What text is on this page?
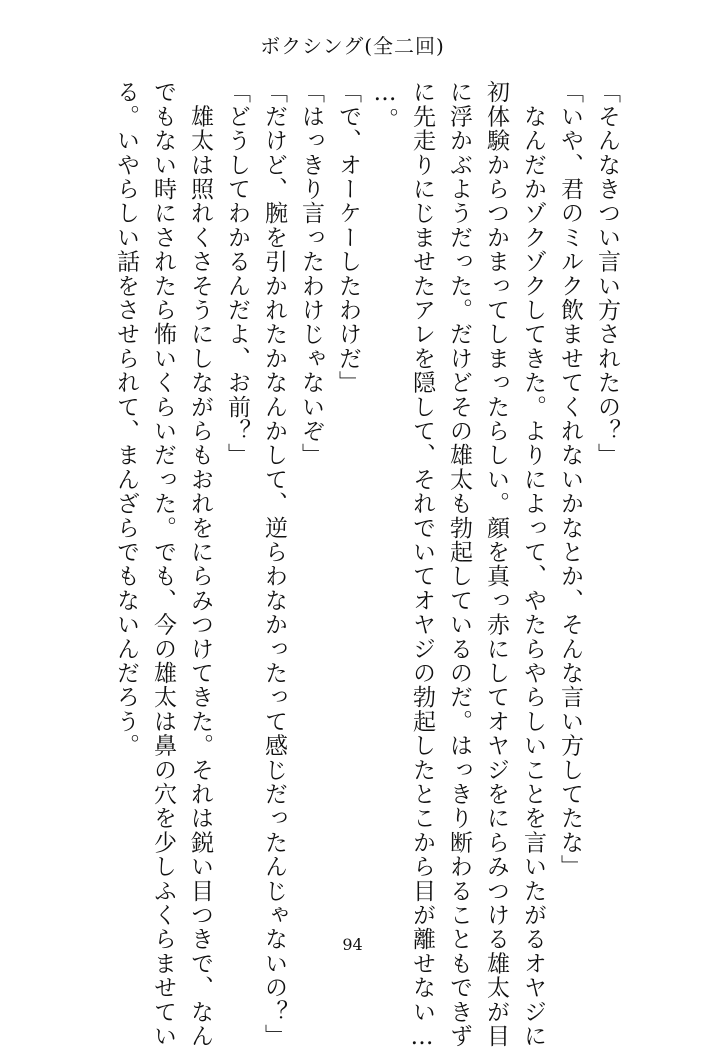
ボクシング(全二回)

「そんなきつい言い方されたの？」

「いや、君のミルク飲ませてくれないかなとか、そんな言い方してたな」

　なんだかゾクゾクしてきた。よりによって、やたらやらしいことを言いたがるオヤジに

初体験からつかまってしまったらしい。顔を真っ赤にしてオヤジをにらみつける雄太が目

に浮かぶようだった。だけどその雄太も勃起しているのだ。はっきり断わることもできず

に先走りにじませたアレを隠して、それでいてオヤジの勃起したとこから目が離せない…

…。

「で、オーケーしたわけだ」

「はっきり言ったわけじゃないぞ」

「だけど、腕を引かれたかなんかして、逆らわなかったって感じだったんじゃないの？」

「どうしてわかるんだよ、お前？」

　雄太は照れくさそうにしながらもおれをにらみつけてきた。それは鋭い目つきで、なん

でもない時にされたら怖いくらいだった。でも、今の雄太は鼻の穴を少しふくらませてい

る。いやらしい話をさせられて、まんざらでもないんだろう。

94
